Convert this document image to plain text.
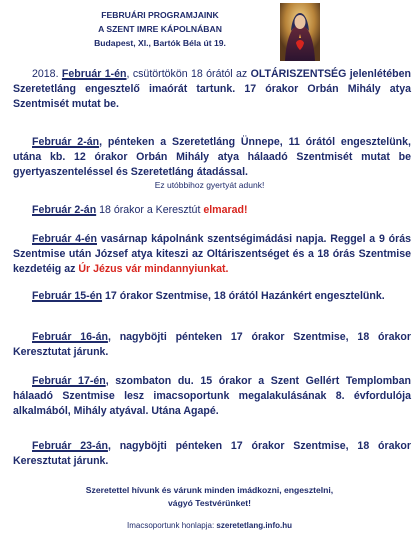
FEBRUÁRI PROGRAMJAINK
A SZENT IMRE KÁPOLNÁBAN
Budapest, XI., Bartók Béla út 19.

2018. Február 1-én, csütörtökön 18 órától az OLTÁRISZENTSÉG jelenlétében Szeretetláng engesztelő imaórát tartunk. 17 órakor Orbán Mihály atya Szentmisét mutat be.

Február 2-án, pénteken a Szeretetláng Ünnepe, 11 órától engesztelünk, utána kb. 12 órakor Orbán Mihály atya hálaadó Szentmisét mutat be gyertyaszenteléssel és Szeretetláng átadással.

Ez utóbbihoz gyertyát adunk!

Február 2-án 18 órakor a Keresztút elmarad!

Február 4-én vasárnap kápolnánk szentségimádási napja. Reggel a 9 órás Szentmise után József atya kiteszi az Oltáriszentséget és a 18 órás Szentmise kezdetéig az Úr Jézus vár mindannyiunkat.

Február 15-én 17 órakor Szentmise, 18 órától Hazánkért engesztelünk.

Február 16-án, nagyböjti pénteken 17 órakor Szentmise, 18 órakor Keresztutat járunk.

Február 17-én, szombaton du. 15 órakor a Szent Gellért Templomban hálaadó Szentmise lesz imacsoportunk megalakulásának 8. évfordulója alkalmából, Mihály atyával. Utána Agapé.

Február 23-án, nagyböjti pénteken 17 órakor Szentmise, 18 órakor Keresztutat járunk.

Szeretettel hívunk és várunk minden imádkozni, engesztelni,
vágyó Testvérünket!
Imacsoportunk honlapja: szeretetlang.info.hu
